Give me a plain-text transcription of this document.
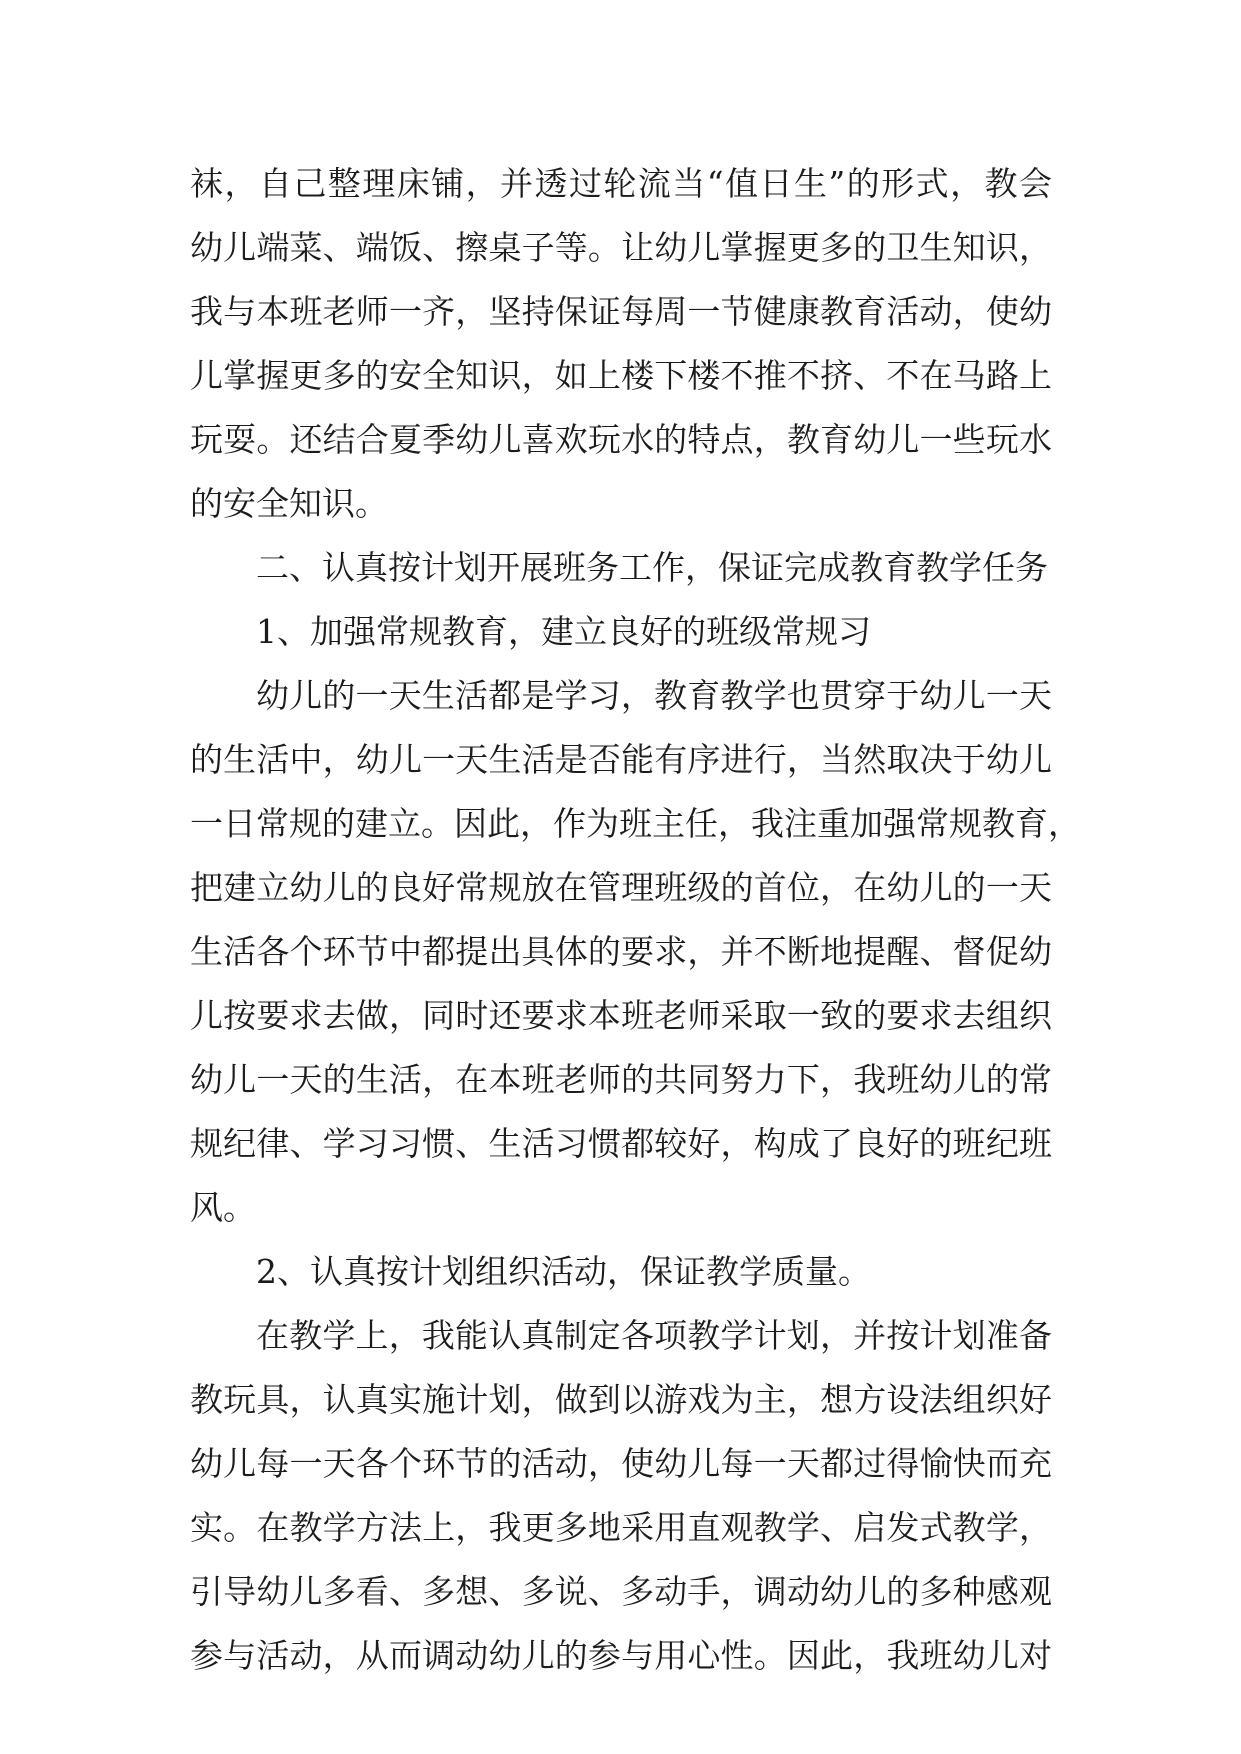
袜，自己整理床铺，并透过轮流当“值日生”的形式，教会
幼儿端菜、端饭、擦桌子等。让幼儿掌握更多的卫生知识，
我与本班老师一齐，坚持保证每周一节健康教育活动，使幼
儿掌握更多的安全知识，如上楼下楼不推不挤、不在马路上
玩耍。还结合夏季幼儿喜欢玩水的特点，教育幼儿一些玩水
的安全知识。
二、认真按计划开展班务工作，保证完成教育教学任务
1、加强常规教育，建立良好的班级常规习
幼儿的一天生活都是学习，教育教学也贯穿于幼儿一天
的生活中，幼儿一天生活是否能有序进行，当然取决于幼儿
一日常规的建立。因此，作为班主任，我注重加强常规教育，
把建立幼儿的良好常规放在管理班级的首位，在幼儿的一天
生活各个环节中都提出具体的要求，并不断地提醒、督促幼
儿按要求去做，同时还要求本班老师采取一致的要求去组织
幼儿一天的生活，在本班老师的共同努力下，我班幼儿的常
规纪律、学习习惯、生活习惯都较好，构成了良好的班纪班
风。
2、认真按计划组织活动，保证教学质量。
在教学上，我能认真制定各项教学计划，并按计划准备
教玩具，认真实施计划，做到以游戏为主，想方设法组织好
幼儿每一天各个环节的活动，使幼儿每一天都过得愉快而充
实。在教学方法上，我更多地采用直观教学、启发式教学，
引导幼儿多看、多想、多说、多动手，调动幼儿的多种感观
参与活动，从而调动幼儿的参与用心性。因此，我班幼儿对
